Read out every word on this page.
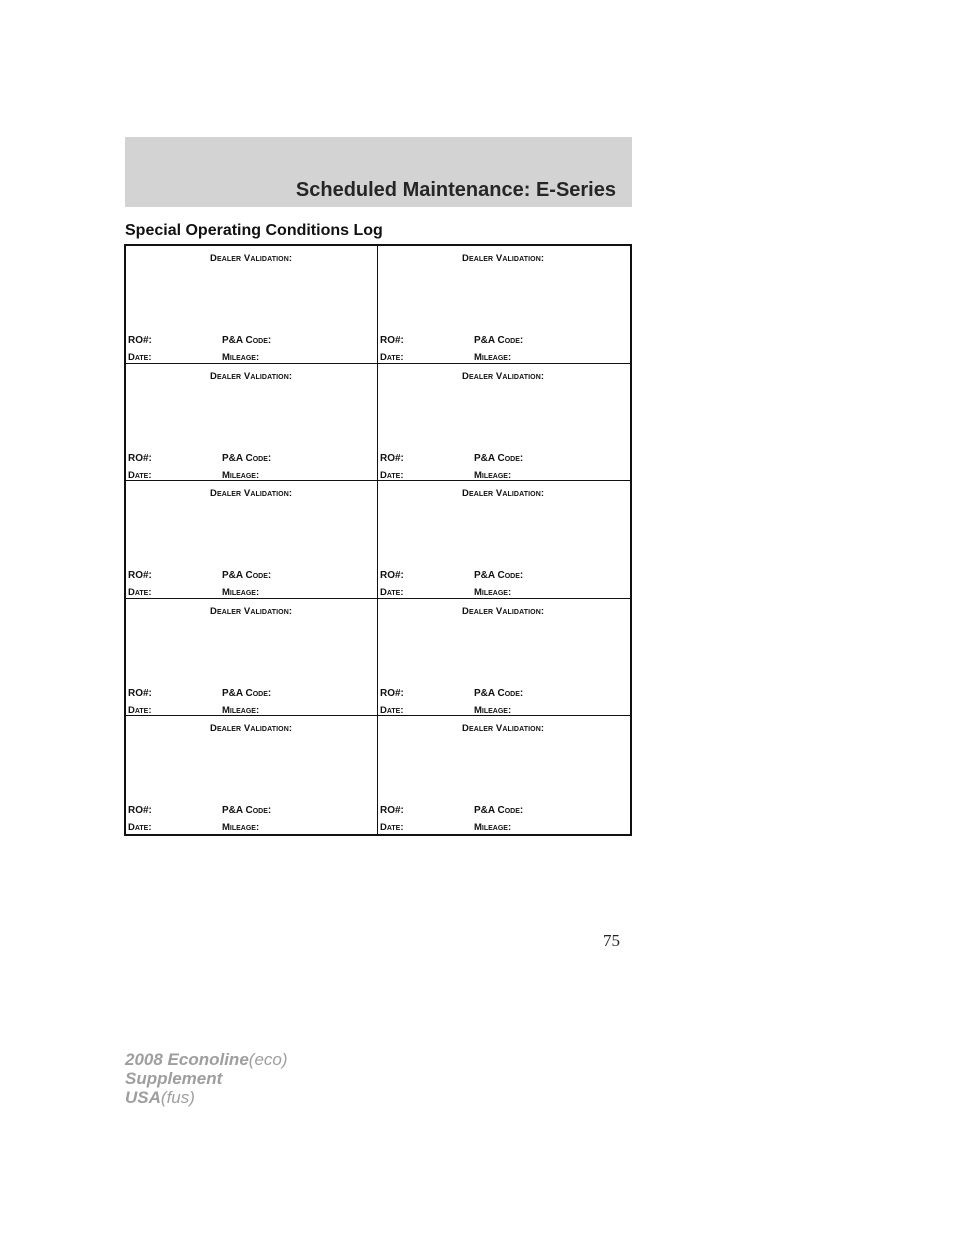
Scheduled Maintenance: E-Series
Special Operating Conditions Log
Dealer Validation:
RO#:	P&A Code:
Date:	Mileage:
Dealer Validation:
RO#:	P&A Code:
Date:	Mileage:
Dealer Validation:
RO#:	P&A Code:
Date:	Mileage:
Dealer Validation:
RO#:	P&A Code:
Date:	Mileage:
Dealer Validation:
RO#:	P&A Code:
Date:	Mileage:
Dealer Validation:
RO#:	P&A Code:
Date:	Mileage:
Dealer Validation:
RO#:	P&A Code:
Date:	Mileage:
Dealer Validation:
RO#:	P&A Code:
Date:	Mileage:
Dealer Validation:
RO#:	P&A Code:
Date:	Mileage:
Dealer Validation:
RO#:	P&A Code:
Date:	Mileage:
75
2008 Econoline(eco)
Supplement
USA(fus)
